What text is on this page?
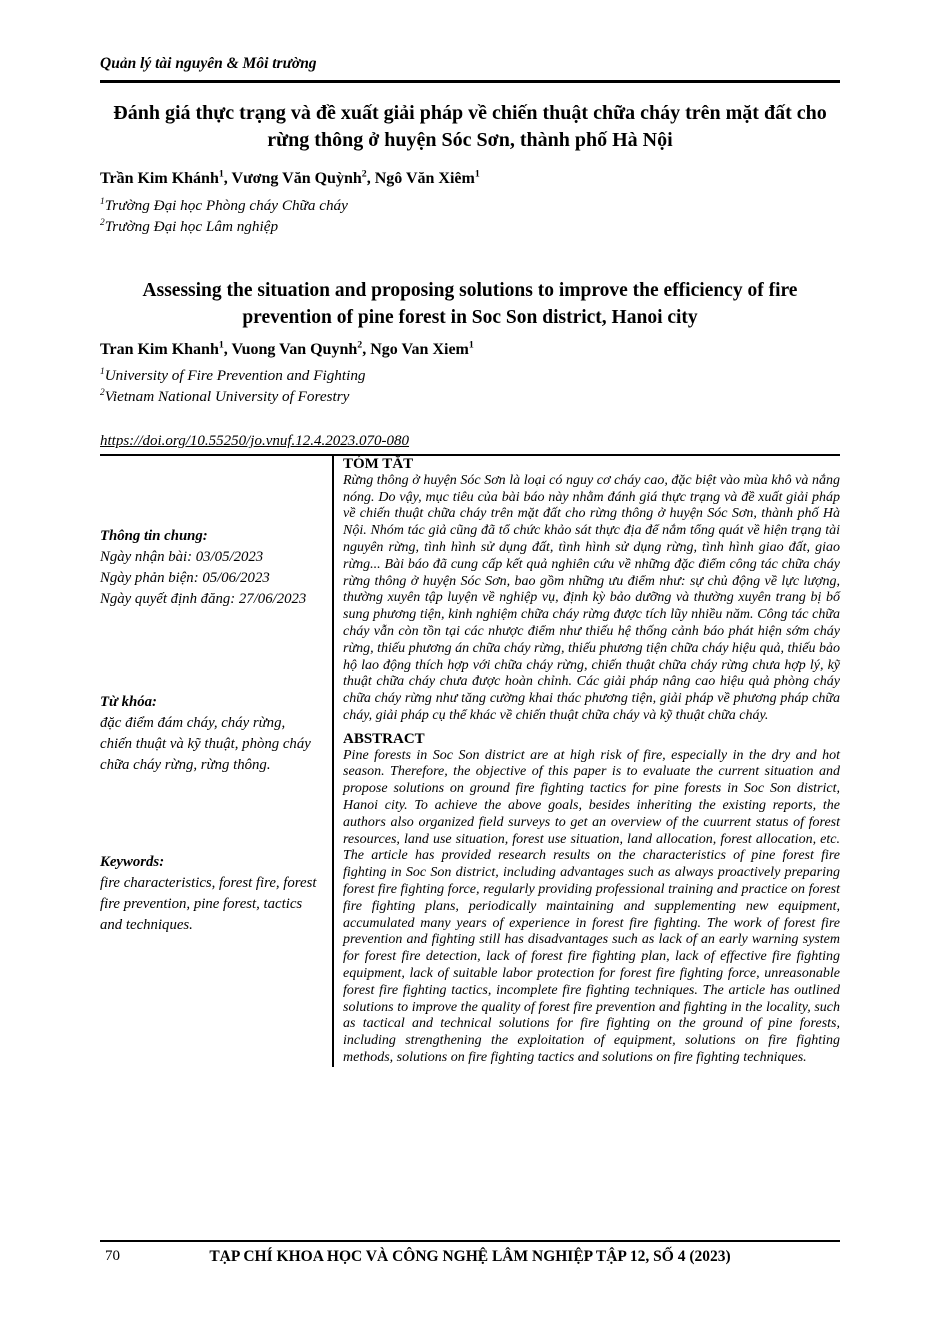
Quản lý tài nguyên & Môi trường
Đánh giá thực trạng và đề xuất giải pháp về chiến thuật chữa cháy trên mặt đất cho rừng thông ở huyện Sóc Sơn, thành phố Hà Nội
Trần Kim Khánh$^1$, Vương Văn Quỳnh$^2$, Ngô Văn Xiêm$^1$
$^1$Trường Đại học Phòng cháy Chữa cháy
$^2$Trường Đại học Lâm nghiệp
Assessing the situation and proposing solutions to improve the efficiency of fire prevention of pine forest in Soc Son district, Hanoi city
Tran Kim Khanh$^1$, Vuong Van Quynh$^2$, Ngo Van Xiem$^1$
$^1$University of Fire Prevention and Fighting
$^2$Vietnam National University of Forestry
https://doi.org/10.55250/jo.vnuf.12.4.2023.070-080
Thông tin chung:
Ngày nhận bài: 03/05/2023
Ngày phản biện: 05/06/2023
Ngày quyết định đăng: 27/06/2023
Từ khóa:
đặc điểm đám cháy, cháy rừng, chiến thuật và kỹ thuật, phòng cháy chữa cháy rừng, rừng thông.
Keywords:
fire characteristics, forest fire, forest fire prevention, pine forest, tactics and techniques.
TÓM TẮT
Rừng thông ở huyện Sóc Sơn là loại có nguy cơ cháy cao, đặc biệt vào mùa khô và nắng nóng. Do vậy, mục tiêu của bài báo này nhằm đánh giá thực trạng và đề xuất giải pháp về chiến thuật chữa cháy trên mặt đất cho rừng thông ở huyện Sóc Sơn, thành phố Hà Nội. Nhóm tác giả cũng đã tổ chức khảo sát thực địa để nắm tổng quát về hiện trạng tài nguyên rừng, tình hình sử dụng đất, tình hình sử dụng rừng, tình hình giao đất, giao rừng... Bài báo đã cung cấp kết quả nghiên cứu về những đặc điểm công tác chữa cháy rừng thông ở huyện Sóc Sơn, bao gồm những ưu điểm như: sự chủ động về lực lượng, thường xuyên tập luyện về nghiệp vụ, định kỳ bảo dưỡng và thường xuyên trang bị bổ sung phương tiện, kinh nghiệm chữa cháy rừng được tích lũy nhiều năm. Công tác chữa cháy vẫn còn tồn tại các nhược điểm như thiếu hệ thống cảnh báo phát hiện sớm cháy rừng, thiếu phương án chữa cháy rừng, thiếu phương tiện chữa cháy hiệu quả, thiếu bảo hộ lao động thích hợp với chữa cháy rừng, chiến thuật chữa cháy rừng chưa hợp lý, kỹ thuật chữa cháy chưa được hoàn chỉnh. Các giải pháp nâng cao hiệu quả phòng cháy chữa cháy rừng như tăng cường khai thác phương tiện, giải pháp về phương pháp chữa cháy, giải pháp cụ thể khác về chiến thuật chữa cháy và kỹ thuật chữa cháy.
ABSTRACT
Pine forests in Soc Son district are at high risk of fire, especially in the dry and hot season. Therefore, the objective of this paper is to evaluate the current situation and propose solutions on ground fire fighting tactics for pine forests in Soc Son district, Hanoi city. To achieve the above goals, besides inheriting the existing reports, the authors also organized field surveys to get an overview of the cuurrent status of forest resources, land use situation, forest use situation, land allocation, forest allocation, etc. The article has provided research results on the characteristics of pine forest fire fighting in Soc Son district, including advantages such as always proactively preparing forest fire fighting force, regularly providing professional training and practice on forest fire fighting plans, periodically maintaining and supplementing new equipment, accumulated many years of experience in forest fire fighting. The work of forest fire prevention and fighting still has disadvantages such as lack of an early warning system for forest fire detection, lack of forest fire fighting plan, lack of effective fire fighting equipment, lack of suitable labor protection for forest fire fighting force, unreasonable forest fire fighting tactics, incomplete fire fighting techniques. The article has outlined solutions to improve the quality of forest fire prevention and fighting in the locality, such as tactical and technical solutions for fire fighting on the ground of pine forests, including strengthening the exploitation of equipment, solutions on fire fighting methods, solutions on fire fighting tactics and solutions on fire fighting techniques.
70	TẠP CHÍ KHOA HỌC VÀ CÔNG NGHỆ LÂM NGHIỆP TẬP 12, SỐ 4 (2023)
